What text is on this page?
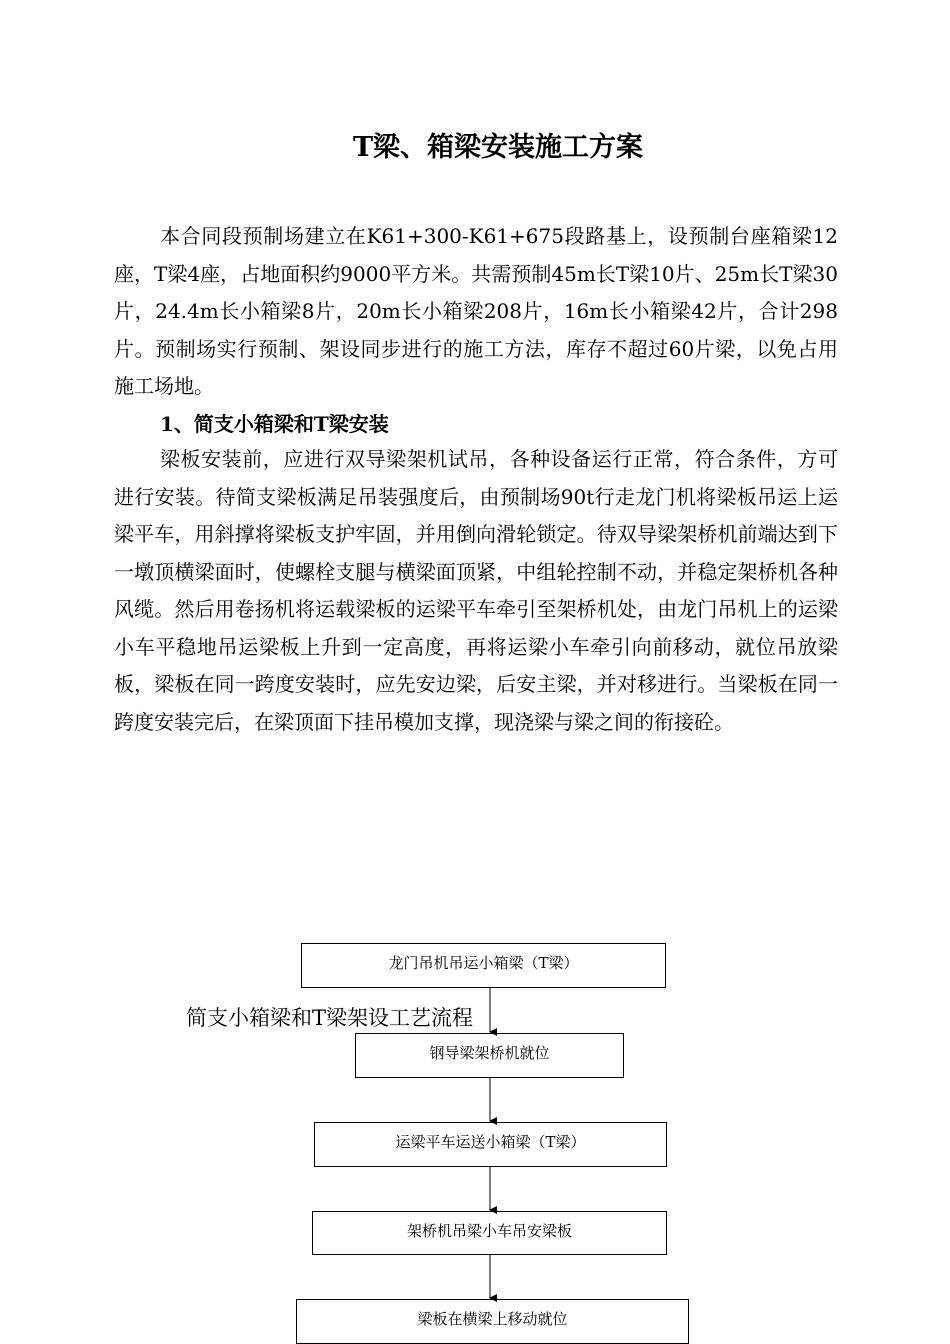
T梁、箱梁安装施工方案

本合同段预制场建立在K61+300-K61+675段路基上，设预制台座箱梁12座，T梁4座，占地面积约9000平方米。共需预制45m长T梁10片、25m长T梁30片，24.4m长小箱梁8片，20m长小箱梁208片，16m长小箱梁42片，合计298片。预制场实行预制、架设同步进行的施工方法，库存不超过60片梁，以免占用施工场地。

1、简支小箱梁和T梁安装

梁板安装前，应进行双导梁架机试吊，各种设备运行正常，符合条件，方可进行安装。待简支梁板满足吊装强度后，由预制场90t行走龙门机将梁板吊运上运梁平车，用斜撑将梁板支护牢固，并用倒向滑轮锁定。待双导梁架桥机前端达到下一墩顶横梁面时，使螺栓支腿与横梁面顶紧，中组轮控制不动，并稳定架桥机各种风缆。然后用卷扬机将运载梁板的运梁平车牵引至架桥机处，由龙门吊机上的运梁小车平稳地吊运梁板上升到一定高度，再将运梁小车牵引向前移动，就位吊放梁板，梁板在同一跨度安装时，应先安边梁，后安主梁，并对移进行。当梁板在同一跨度安装完后，在梁顶面下挂吊模加支撑，现浇梁与梁之间的衔接砼。

简支小箱梁和T梁架设工艺流程
龙门吊机吊运小箱梁（T梁）
钢导梁架桥机就位
运梁平车运送小箱梁（T梁）
架桥机吊梁小车吊安梁板
梁板在横梁上移动就位
